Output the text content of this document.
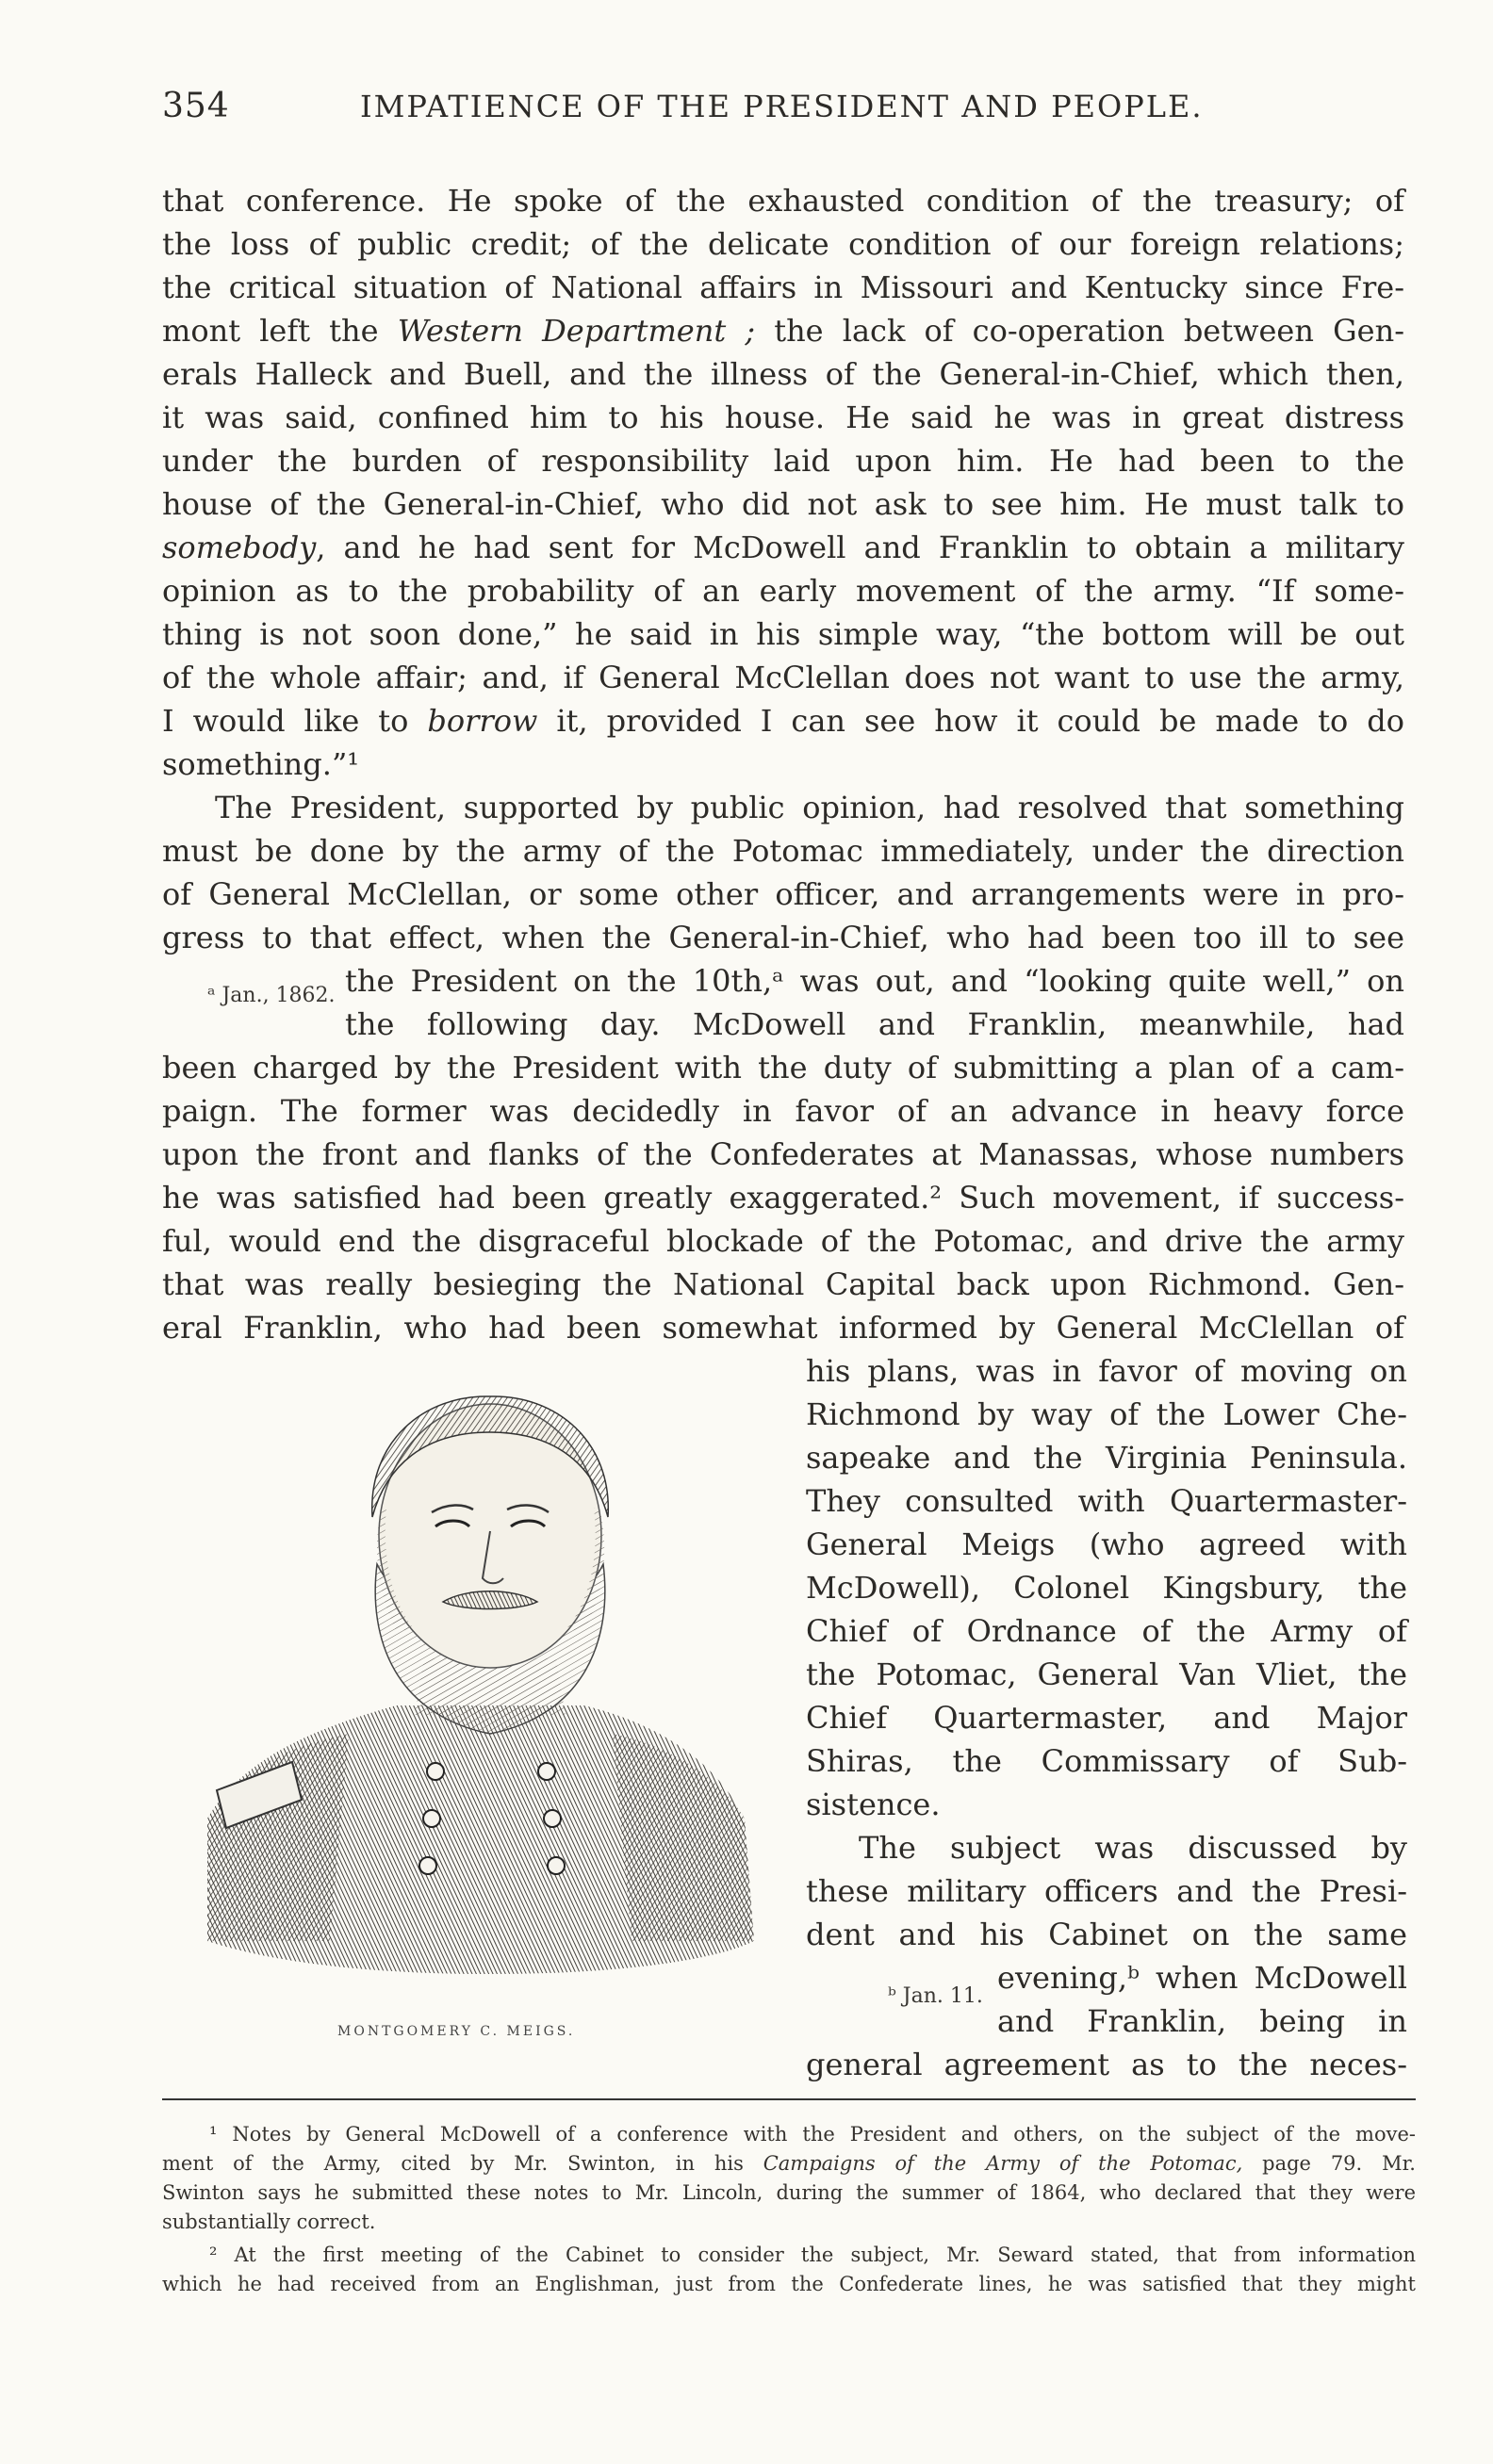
354	IMPATIENCE OF THE PRESIDENT AND PEOPLE.

that conference. He spoke of the exhausted condition of the treasury; of

the loss of public credit; of the delicate condition of our foreign relations;

the critical situation of National affairs in Missouri and Kentucky since Fre-

mont left the Western Department ; the lack of co-operation between Gen-

erals Halleck and Buell, and the illness of the General-in-Chief, which then,

it was said, confined him to his house. He said he was in great distress

under the burden of responsibility laid upon him. He had been to the

house of the General-in-Chief, who did not ask to see him. He must talk to

somebody, and he had sent for McDowell and Franklin to obtain a military

opinion as to the probability of an early movement of the army. “If some-

thing is not soon done,” he said in his simple way, “the bottom will be out

of the whole affair; and, if General McClellan does not want to use the army,

I would like to borrow it, provided I can see how it could be made to do

something.”¹

The President, supported by public opinion, had resolved that something

must be done by the army of the Potomac immediately, under the direction

of General McClellan, or some other officer, and arrangements were in pro-

gress to that effect, when the General-in-Chief, who had been too ill to see

ᵃ Jan., 1862. the President on the 10th,ᵃ was out, and “looking quite well,” on

the following day. McDowell and Franklin, meanwhile, had

been charged by the President with the duty of submitting a plan of a cam-

paign. The former was decidedly in favor of an advance in heavy force

upon the front and flanks of the Confederates at Manassas, whose numbers

he was satisfied had been greatly exaggerated.² Such movement, if success-

ful, would end the disgraceful blockade of the Potomac, and drive the army

that was really besieging the National Capital back upon Richmond. Gen-

eral Franklin, who had been somewhat informed by General McClellan of

his plans, was in favor of moving on

Richmond by way of the Lower Che-

sapeake and the Virginia Peninsula.

They consulted with Quartermaster-

General Meigs (who agreed with

McDowell), Colonel Kingsbury, the

Chief of Ordnance of the Army of

the Potomac, General Van Vliet, the

Chief Quartermaster, and Major

Shiras, the Commissary of Sub-

sistence.

The subject was discussed by

these military officers and the Presi-

dent and his Cabinet on the same

ᵇ Jan. 11.

evening,ᵇ when McDowell

and Franklin, being in

general agreement as to the neces-

MONTGOMERY C. MEIGS.

¹ Notes by General McDowell of a conference with the President and others, on the subject of the move-

ment of the Army, cited by Mr. Swinton, in his Campaigns of the Army of the Potomac, page 79. Mr.

Swinton says he submitted these notes to Mr. Lincoln, during the summer of 1864, who declared that they were

substantially correct.

² At the first meeting of the Cabinet to consider the subject, Mr. Seward stated, that from information

which he had received from an Englishman, just from the Confederate lines, he was satisfied that they might
